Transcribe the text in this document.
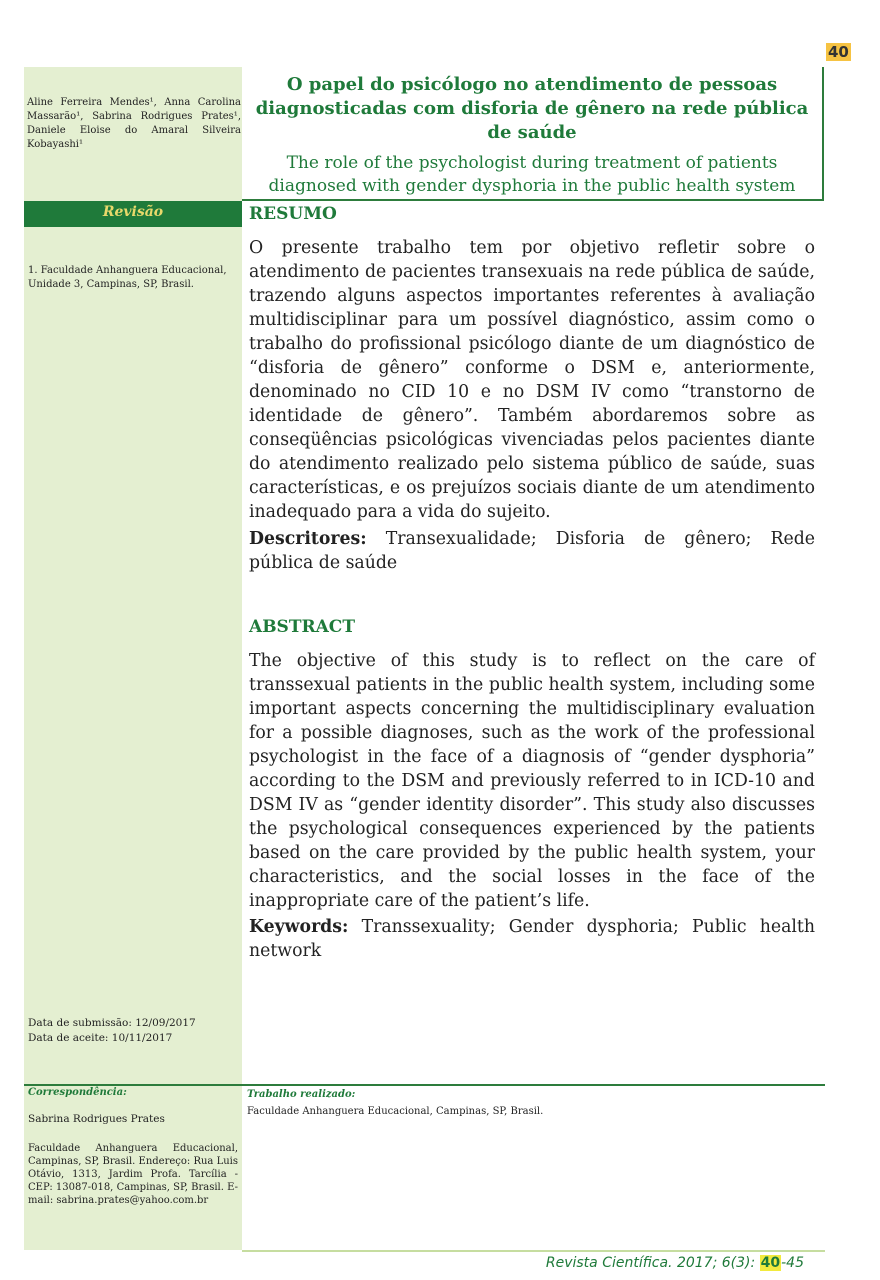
40
O papel do psicólogo no atendimento de pessoas diagnosticadas com disforia de gênero na rede pública de saúde
The role of the psychologist during treatment of patients diagnosed with gender dysphoria in the public health system
Aline Ferreira Mendes¹, Anna Carolina Massarão¹, Sabrina Rodrigues Prates¹, Daniele Eloise do Amaral Silveira Kobayashi¹
Revisão
1. Faculdade Anhanguera Educacional, Unidade 3, Campinas, SP, Brasil.
RESUMO

O presente trabalho tem por objetivo refletir sobre o atendimento de pacientes transexuais na rede pública de saúde, trazendo alguns aspectos importantes referentes à avaliação multidisciplinar para um possível diagnóstico, assim como o trabalho do profissional psicólogo diante de um diagnóstico de “disforia de gênero” conforme o DSM e, anteriormente, denominado no CID 10 e no DSM IV como “transtorno de identidade de gênero”. Também abordaremos sobre as conseqüências psicológicas vivenciadas pelos pacientes diante do atendimento realizado pelo sistema público de saúde, suas características, e os prejuízos sociais diante de um atendimento inadequado para a vida do sujeito.

Descritores: Transexualidade; Disforia de gênero; Rede pública de saúde
ABSTRACT

The objective of this study is to reflect on the care of transsexual patients in the public health system, including some important aspects concerning the multidisciplinary evaluation for a possible diagnoses, such as the work of the professional psychologist in the face of a diagnosis of “gender dysphoria” according to the DSM and previously referred to in ICD-10 and DSM IV as “gender identity disorder”. This study also discusses the psychological consequences experienced by the patients based on the care provided by the public health system, your characteristics, and the social losses in the face of the inappropriate care of the patient’s life.

Keywords: Transsexuality; Gender dysphoria; Public health network
Data de submissão: 12/09/2017
Data de aceite: 10/11/2017
Correspondência:	Trabalho realizado:
Faculdade Anhanguera Educacional, Campinas, SP, Brasil.
Sabrina Rodrigues Prates
Faculdade Anhanguera Educacional, Campinas, SP, Brasil. Endereço: Rua Luis Otávio, 1313, Jardim Profa. Tarcília - CEP: 13087-018, Campinas, SP, Brasil. E-mail: sabrina.prates@yahoo.com.br
Revista Científica. 2017; 6(3): 40-45
